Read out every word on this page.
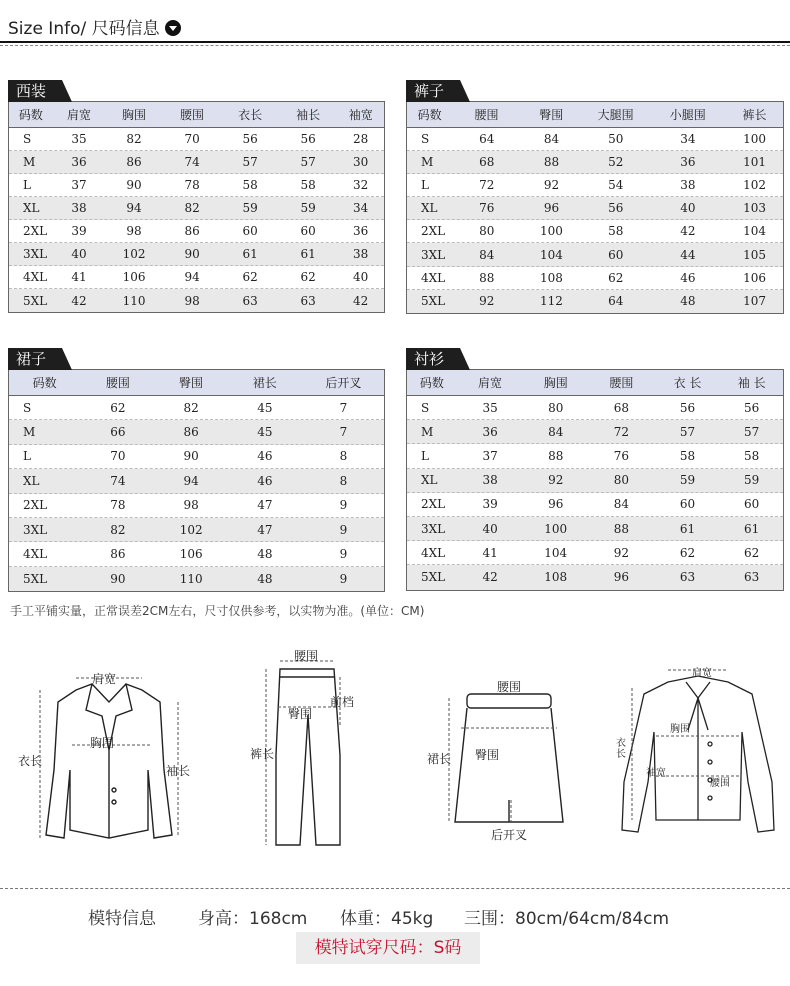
Size Info/ 尺码信息
西装
码数	肩宽	胸围	腰围	衣长	袖长	袖宽
S	35	82	70	56	56	28
M	36	86	74	57	57	30
L	37	90	78	58	58	32
XL	38	94	82	59	59	34
2XL	39	98	86	60	60	36
3XL	40	102	90	61	61	38
4XL	41	106	94	62	62	40
5XL	42	110	98	63	63	42
裤子
码数	腰围	臀围	大腿围	小腿围	裤长
S	64	84	50	34	100
M	68	88	52	36	101
L	72	92	54	38	102
XL	76	96	56	40	103
2XL	80	100	58	42	104
3XL	84	104	60	44	105
4XL	88	108	62	46	106
5XL	92	112	64	48	107
裙子
码数	腰围	臀围	裙长	后开叉
S	62	82	45	7
M	66	86	45	7
L	70	90	46	8
XL	74	94	46	8
2XL	78	98	47	9
3XL	82	102	47	9
4XL	86	106	48	9
5XL	90	110	48	9
衬衫
码数	肩宽	胸围	腰围	衣 长	袖 长
S	35	80	68	56	56
M	36	84	72	57	57
L	37	88	76	58	58
XL	38	92	80	59	59
2XL	39	96	84	60	60
3XL	40	100	88	61	61
4XL	41	104	92	62	62
5XL	42	108	96	63	63
手工平铺实量，正常误差2CM左右，尺寸仅供参考，以实物为准。(单位：CM)
肩宽
胸围
衣长
袖长
腰围
臀围
前档
裤长
腰围
臀围
裙长
后开叉
肩宽
胸围
衣长
袖宽
腰围
模特信息 身高：168cm 体重：45kg 三围：80cm/64cm/84cm
模特试穿尺码：S码
